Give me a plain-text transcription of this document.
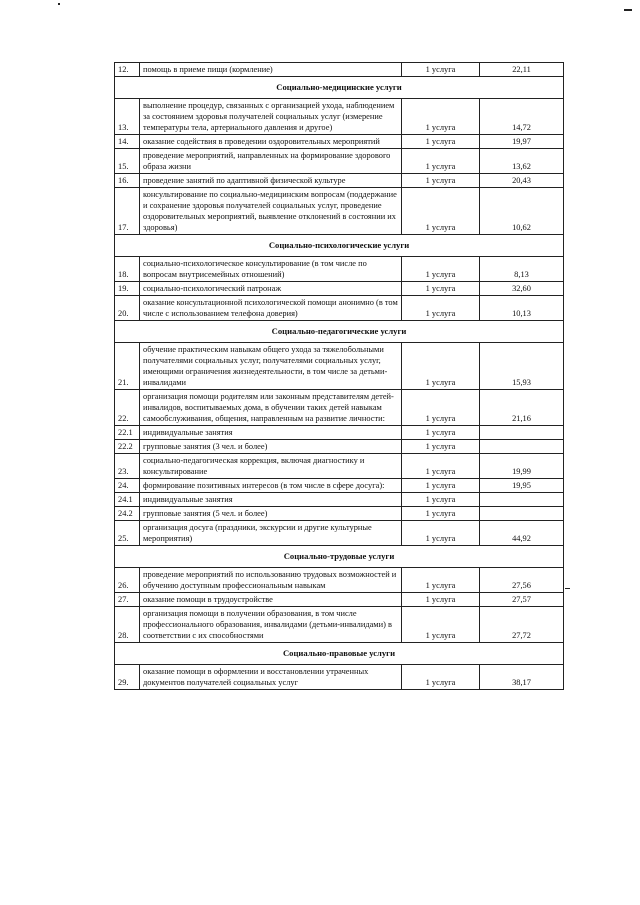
12.	помощь в приеме пищи (кормление)	1 услуга	22,11
Социально-медицинские услуги			
13.	выполнение процедур, связанных с организацией ухода, наблюдением за состоянием здоровья получателей социальных услуг (измерение температуры тела, артериального давления и другое)	1 услуга	14,72
14.	оказание содействия в проведении оздоровительных мероприятий	1 услуга	19,97
15.	проведение мероприятий, направленных на формирование здорового образа жизни	1 услуга	13,62
16.	проведение занятий по адаптивной физической культуре	1 услуга	20,43
17.	консультирование по социально-медицинским вопросам (поддержание и сохранение здоровья получателей социальных услуг, проведение оздоровительных мероприятий, выявление отклонений в состоянии их здоровья)	1 услуга	10,62
Социально-психологические услуги			
18.	социально-психологическое консультирование (в том числе по вопросам внутрисемейных отношений)	1 услуга	8,13
19.	социально-психологический патронаж	1 услуга	32,60
20.	оказание консультационной психологической помощи анонимно (в том числе с использованием телефона доверия)	1 услуга	10,13
Социально-педагогические услуги			
21.	обучение практическим навыкам общего ухода за тяжелобольными получателями социальных услуг, получателями социальных услуг, имеющими ограничения жизнедеятельности, в том числе за детьми-инвалидами	1 услуга	15,93
22.	организация помощи родителям или законным представителям детей-инвалидов, воспитываемых дома, в обучении таких детей навыкам самообслуживания, общения, направленным на развитие личности:	1 услуга	21,16
22.1	индивидуальные занятия	1 услуга	
22.2	групповые занятия (3 чел. и более)	1 услуга	
23.	социально-педагогическая коррекция, включая диагностику и консультирование	1 услуга	19,99
24.	формирование позитивных интересов (в том числе в сфере досуга):	1 услуга	19,95
24.1	индивидуальные занятия	1 услуга	
24.2	групповые занятия (5 чел. и более)	1 услуга	
25.	организация досуга (праздники, экскурсии и другие культурные мероприятия)	1 услуга	44,92
Социально-трудовые услуги			
26.	проведение мероприятий по использованию трудовых возможностей и обучению доступным профессиональным навыкам	1 услуга	27,56
27.	оказание помощи в трудоустройстве	1 услуга	27,57
28.	организация помощи в получении образования, в том числе профессионального образования, инвалидами (детьми-инвалидами) в соответствии с их способностями	1 услуга	27,72
Социально-правовые услуги			
29.	оказание помощи в оформлении и восстановлении утраченных документов получателей социальных услуг	1 услуга	38,17
